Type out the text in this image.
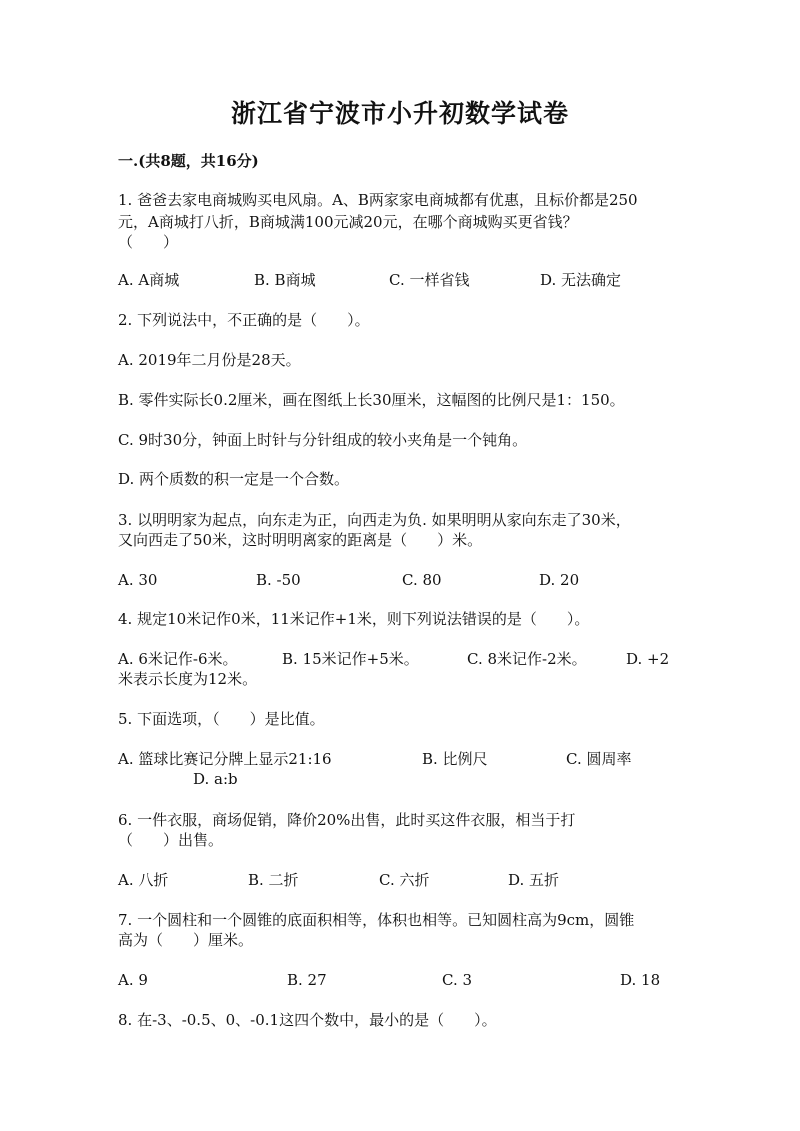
浙江省宁波市小升初数学试卷
一.(共8题，共16分)
1. 爸爸去家电商城购买电风扇。A、B两家家电商城都有优惠，且标价都是250
元，A商城打八折，B商城满100元减20元，在哪个商城购买更省钱？
（　　）
A. A商城	B. B商城	C. 一样省钱	D. 无法确定
2. 下列说法中，不正确的是（　　）。
A. 2019年二月份是28天。
B. 零件实际长0.2厘米，画在图纸上长30厘米，这幅图的比例尺是1：150。
C. 9时30分，钟面上时针与分针组成的较小夹角是一个钝角。
D. 两个质数的积一定是一个合数。
3. 以明明家为起点，向东走为正，向西走为负. 如果明明从家向东走了30米，
又向西走了50米，这时明明离家的距离是（　　）米。
A. 30	B. -50	C. 80	D. 20
4. 规定10米记作0米，11米记作+1米，则下列说法错误的是（　　）。
A. 6米记作-6米。	B. 15米记作+5米。	C. 8米记作-2米。	D. +2
米表示长度为12米。
5. 下面选项，（　　）是比值。
A. 篮球比赛记分牌上显示21:16	B. 比例尺	C. 圆周率
D. a:b
6. 一件衣服，商场促销，降价20%出售，此时买这件衣服，相当于打
（　　）出售。
A. 八折	B. 二折	C. 六折	D. 五折
7. 一个圆柱和一个圆锥的底面积相等，体积也相等。已知圆柱高为9cm，圆锥
高为（　　）厘米。
A. 9	B. 27	C. 3	D. 18
8. 在-3、-0.5、0、-0.1这四个数中，最小的是（　　）。
